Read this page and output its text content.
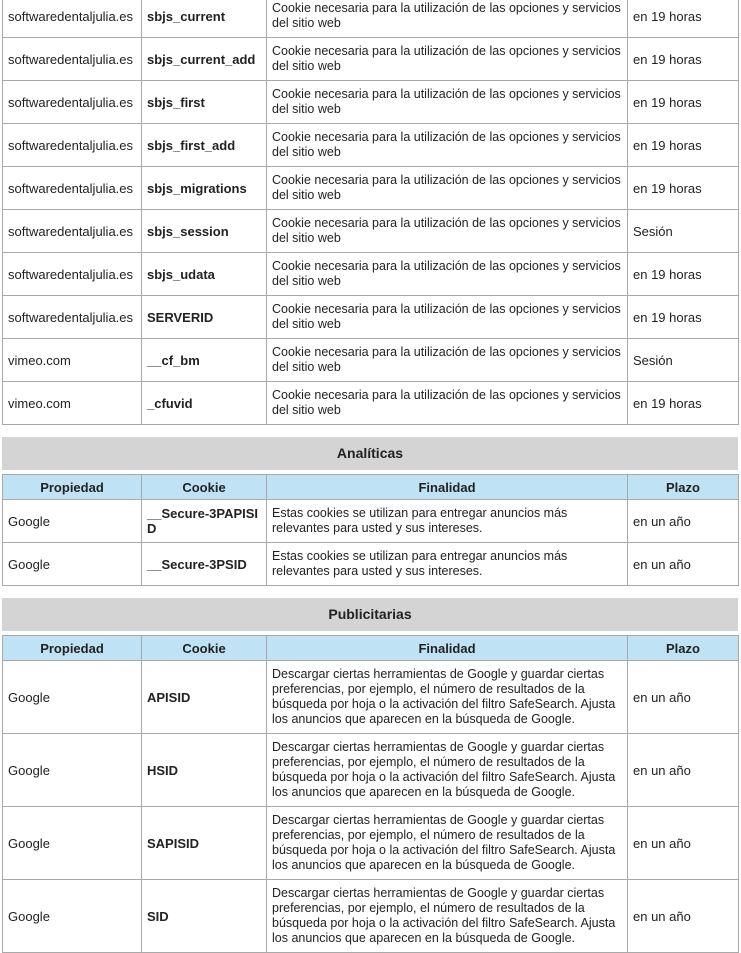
softwaredentaljulia.es	sbjs_current	Cookie necesaria para la utilización de las opciones y servicios del sitio web	en 19 horas
softwaredentaljulia.es	sbjs_current_add	Cookie necesaria para la utilización de las opciones y servicios del sitio web	en 19 horas
softwaredentaljulia.es	sbjs_first	Cookie necesaria para la utilización de las opciones y servicios del sitio web	en 19 horas
softwaredentaljulia.es	sbjs_first_add	Cookie necesaria para la utilización de las opciones y servicios del sitio web	en 19 horas
softwaredentaljulia.es	sbjs_migrations	Cookie necesaria para la utilización de las opciones y servicios del sitio web	en 19 horas
softwaredentaljulia.es	sbjs_session	Cookie necesaria para la utilización de las opciones y servicios del sitio web	Sesión
softwaredentaljulia.es	sbjs_udata	Cookie necesaria para la utilización de las opciones y servicios del sitio web	en 19 horas
softwaredentaljulia.es	SERVERID	Cookie necesaria para la utilización de las opciones y servicios del sitio web	en 19 horas
vimeo.com	__cf_bm	Cookie necesaria para la utilización de las opciones y servicios del sitio web	Sesión
vimeo.com	_cfuvid	Cookie necesaria para la utilización de las opciones y servicios del sitio web	en 19 horas
Analíticas
Propiedad	Cookie	Finalidad	Plazo
Google	__Secure-3PAPISID	Estas cookies se utilizan para entregar anuncios más relevantes para usted y sus intereses.	en un año
Google	__Secure-3PSID	Estas cookies se utilizan para entregar anuncios más relevantes para usted y sus intereses.	en un año
Publicitarias
Propiedad	Cookie	Finalidad	Plazo
Google	APISID	Descargar ciertas herramientas de Google y guardar ciertas preferencias, por ejemplo, el número de resultados de la búsqueda por hoja o la activación del filtro SafeSearch. Ajusta los anuncios que aparecen en la búsqueda de Google.	en un año
Google	HSID	Descargar ciertas herramientas de Google y guardar ciertas preferencias, por ejemplo, el número de resultados de la búsqueda por hoja o la activación del filtro SafeSearch. Ajusta los anuncios que aparecen en la búsqueda de Google.	en un año
Google	SAPISID	Descargar ciertas herramientas de Google y guardar ciertas preferencias, por ejemplo, el número de resultados de la búsqueda por hoja o la activación del filtro SafeSearch. Ajusta los anuncios que aparecen en la búsqueda de Google.	en un año
Google	SID	Descargar ciertas herramientas de Google y guardar ciertas preferencias, por ejemplo, el número de resultados de la búsqueda por hoja o la activación del filtro SafeSearch. Ajusta los anuncios que aparecen en la búsqueda de Google.	en un año
